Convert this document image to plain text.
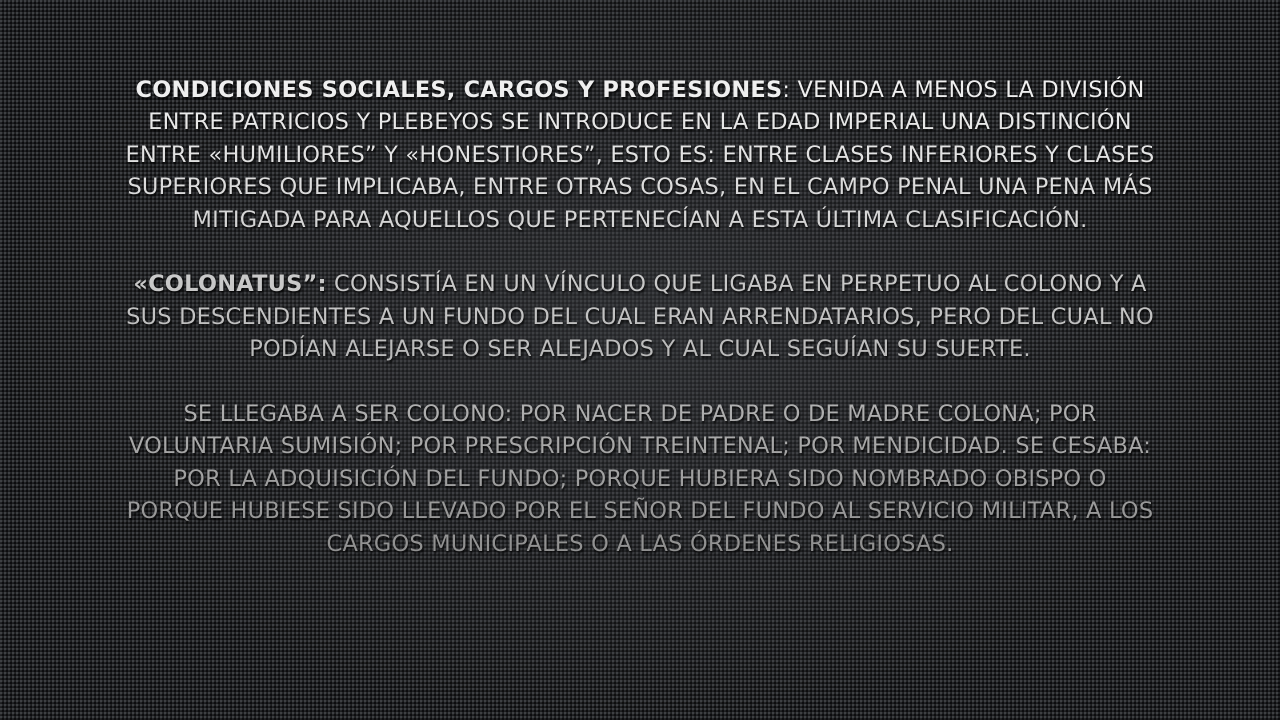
CONDICIONES SOCIALES, CARGOS Y PROFESIONES: VENIDA A MENOS LA DIVISIÓN ENTRE PATRICIOS Y PLEBEYOS SE INTRODUCE EN LA EDAD IMPERIAL UNA DISTINCIÓN ENTRE «HUMILIORES” Y «HONESTIORES”, ESTO ES: ENTRE CLASES INFERIORES Y CLASES SUPERIORES QUE IMPLICABA, ENTRE OTRAS COSAS, EN EL CAMPO PENAL UNA PENA MÁS MITIGADA PARA AQUELLOS QUE PERTENECÍAN A ESTA ÚLTIMA CLASIFICACIÓN.

«COLONATUS”: CONSISTÍA EN UN VÍNCULO QUE LIGABA EN PERPETUO AL COLONO Y A SUS DESCENDIENTES A UN FUNDO DEL CUAL ERAN ARRENDATARIOS, PERO DEL CUAL NO PODÍAN ALEJARSE O SER ALEJADOS Y AL CUAL SEGUÍAN SU SUERTE.

SE LLEGABA A SER COLONO: POR NACER DE PADRE O DE MADRE COLONA; POR VOLUNTARIA SUMISIÓN; POR PRESCRIPCIÓN TREINTENAL; POR MENDICIDAD. SE CESABA: POR LA ADQUISICIÓN DEL FUNDO; PORQUE HUBIERA SIDO NOMBRADO OBISPO O PORQUE HUBIESE SIDO LLEVADO POR EL SEÑOR DEL FUNDO AL SERVICIO MILITAR, A LOS CARGOS MUNICIPALES O A LAS ÓRDENES RELIGIOSAS.
